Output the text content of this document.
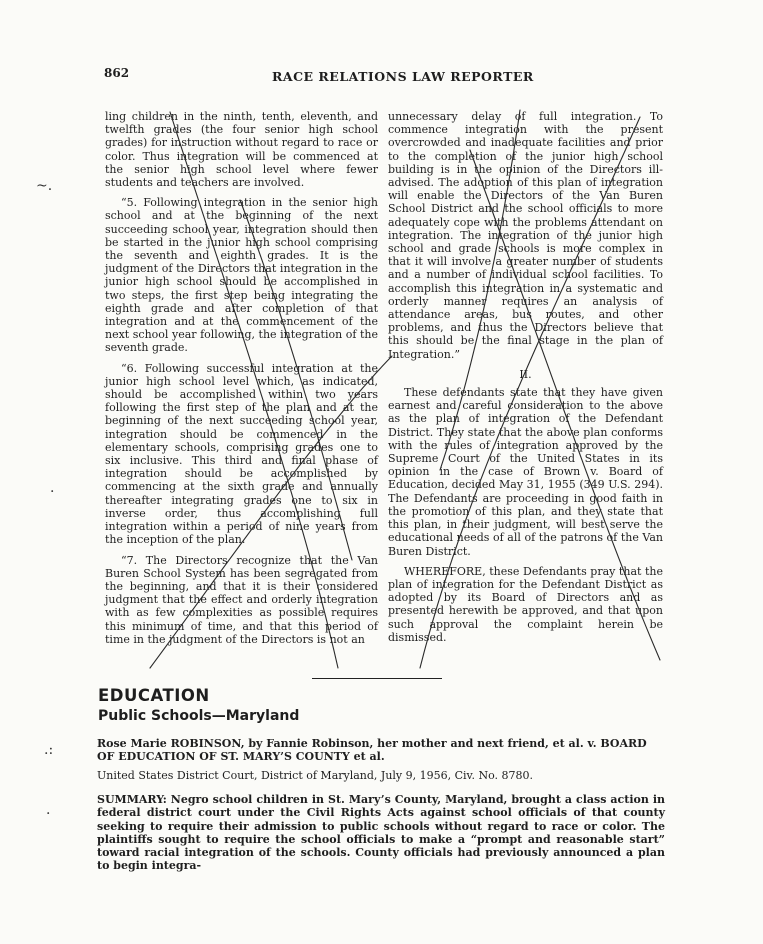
862	RACE RELATIONS LAW REPORTER

ling children in the ninth, tenth, eleventh, and twelfth grades (the four senior high school grades) for instruction without regard to race or color. Thus integration will be commenced at the senior high school level where fewer students and teachers are involved.

“5. Following integration in the senior high school and at the beginning of the next succeeding school year, integration should then be started in the junior high school comprising the seventh and eighth grades. It is the judgment of the Directors that integration in the junior high school should be accomplished in two steps, the first step being integrating the eighth grade and after completion of that integration and at the commencement of the next school year following, the integration of the seventh grade.

“6. Following successful integration at the junior high school level which, as indicated, should be accomplished within two years following the first step of the plan and at the beginning of the next succeeding school year, integration should be commenced in the elementary schools, comprising grades one to six inclusive. This third and final phase of integration should be accomplished by commencing at the sixth grade and annually thereafter integrating grades one to six in inverse order, thus accomplishing full integration within a period of nine years from the inception of the plan.

“7. The Directors recognize that the Van Buren School System has been segregated from the beginning, and that it is their considered judgment that the effect and orderly integration with as few complexities as possible requires this minimum of time, and that this period of time in the judgment of the Directors is not an

unnecessary delay of full integration. To commence integration with the present overcrowded and inadequate facilities and prior to the completion of the junior high school building is in the opinion of the Directors ill-advised. The adoption of this plan of integration will enable the Directors of the Van Buren School District and the school officials to more adequately cope with the problems attendant on integration. The integration of the junior high school and grade schools is more complex in that it will involve a greater number of students and a number of individual school facilities. To accomplish this integration in a systematic and orderly manner requires an analysis of attendance areas, bus routes, and other problems, and thus the Directors believe that this should be the final stage in the plan of Integration.”

II.

These defendants state that they have given earnest and careful consideration to the above as the plan of integration of the Defendant District. They state that the above plan conforms with the rules of integration approved by the Supreme Court of the United States in its opinion in the case of Brown v. Board of Education, decided May 31, 1955 (349 U.S. 294). The Defendants are proceeding in good faith in the promotion of this plan, and they state that this plan, in their judgment, will best serve the educational needs of all of the patrons of the Van Buren District.

WHEREFORE, these Defendants pray that the plan of integration for the Defendant District as adopted by its Board of Directors and as presented herewith be approved, and that upon such approval the complaint herein be dismissed.

EDUCATION
Public Schools—Maryland
Rose Marie ROBINSON, by Fannie Robinson, her mother and next friend, et al. v. BOARD OF EDUCATION OF ST. MARY’S COUNTY et al.
United States District Court, District of Maryland, July 9, 1956, Civ. No. 8780.
SUMMARY: Negro school children in St. Mary’s County, Maryland, brought a class action in federal district court under the Civil Rights Acts against school officials of that county seeking to require their admission to public schools without regard to race or color. The plaintiffs sought to require the school officials to make a “prompt and reasonable start” toward racial integration of the schools. County officials had previously announced a plan to begin integra-
~.
·
.:
·
